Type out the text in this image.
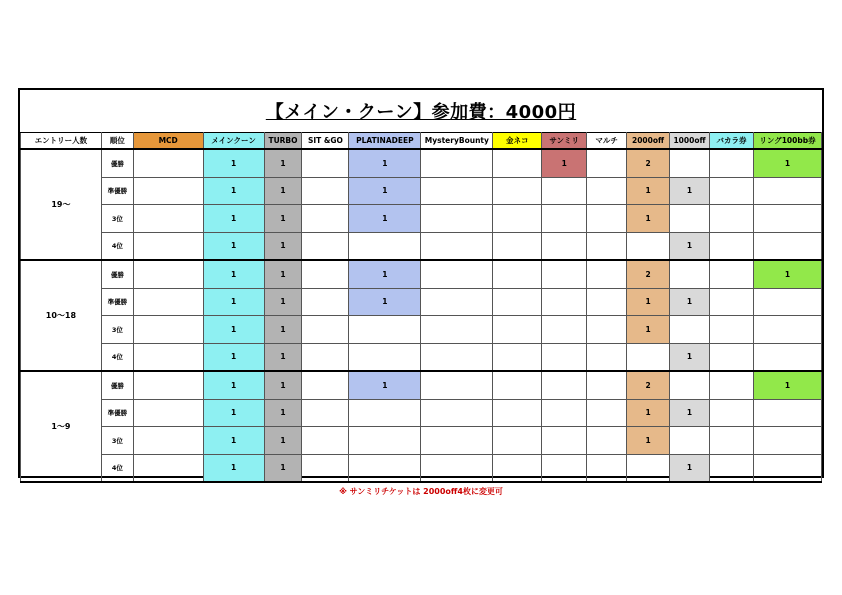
【メイン・クーン】参加費：4000円
エントリー人数	順位	MCD	メインクーン	TURBO	SIT &GO	PLATINADEEP	MysteryBounty	金ネコ	サンミリ	マルチ	2000off	1000off	バカラ券	リング100bb券
19～	優勝		1	1		1			1		2			1
	準優勝		1	1		1					1	1		
	3位		1	1		1					1			
	4位		1	1								1		
10～18	優勝		1	1		1					2			1
	準優勝		1	1		1					1	1		
	3位		1	1							1			
	4位		1	1								1		
1～9	優勝		1	1		1					2			1
	準優勝		1	1							1	1		
	3位		1	1							1			
	4位		1	1								1		
※ サンミリチケットは 2000off4枚に変更可
